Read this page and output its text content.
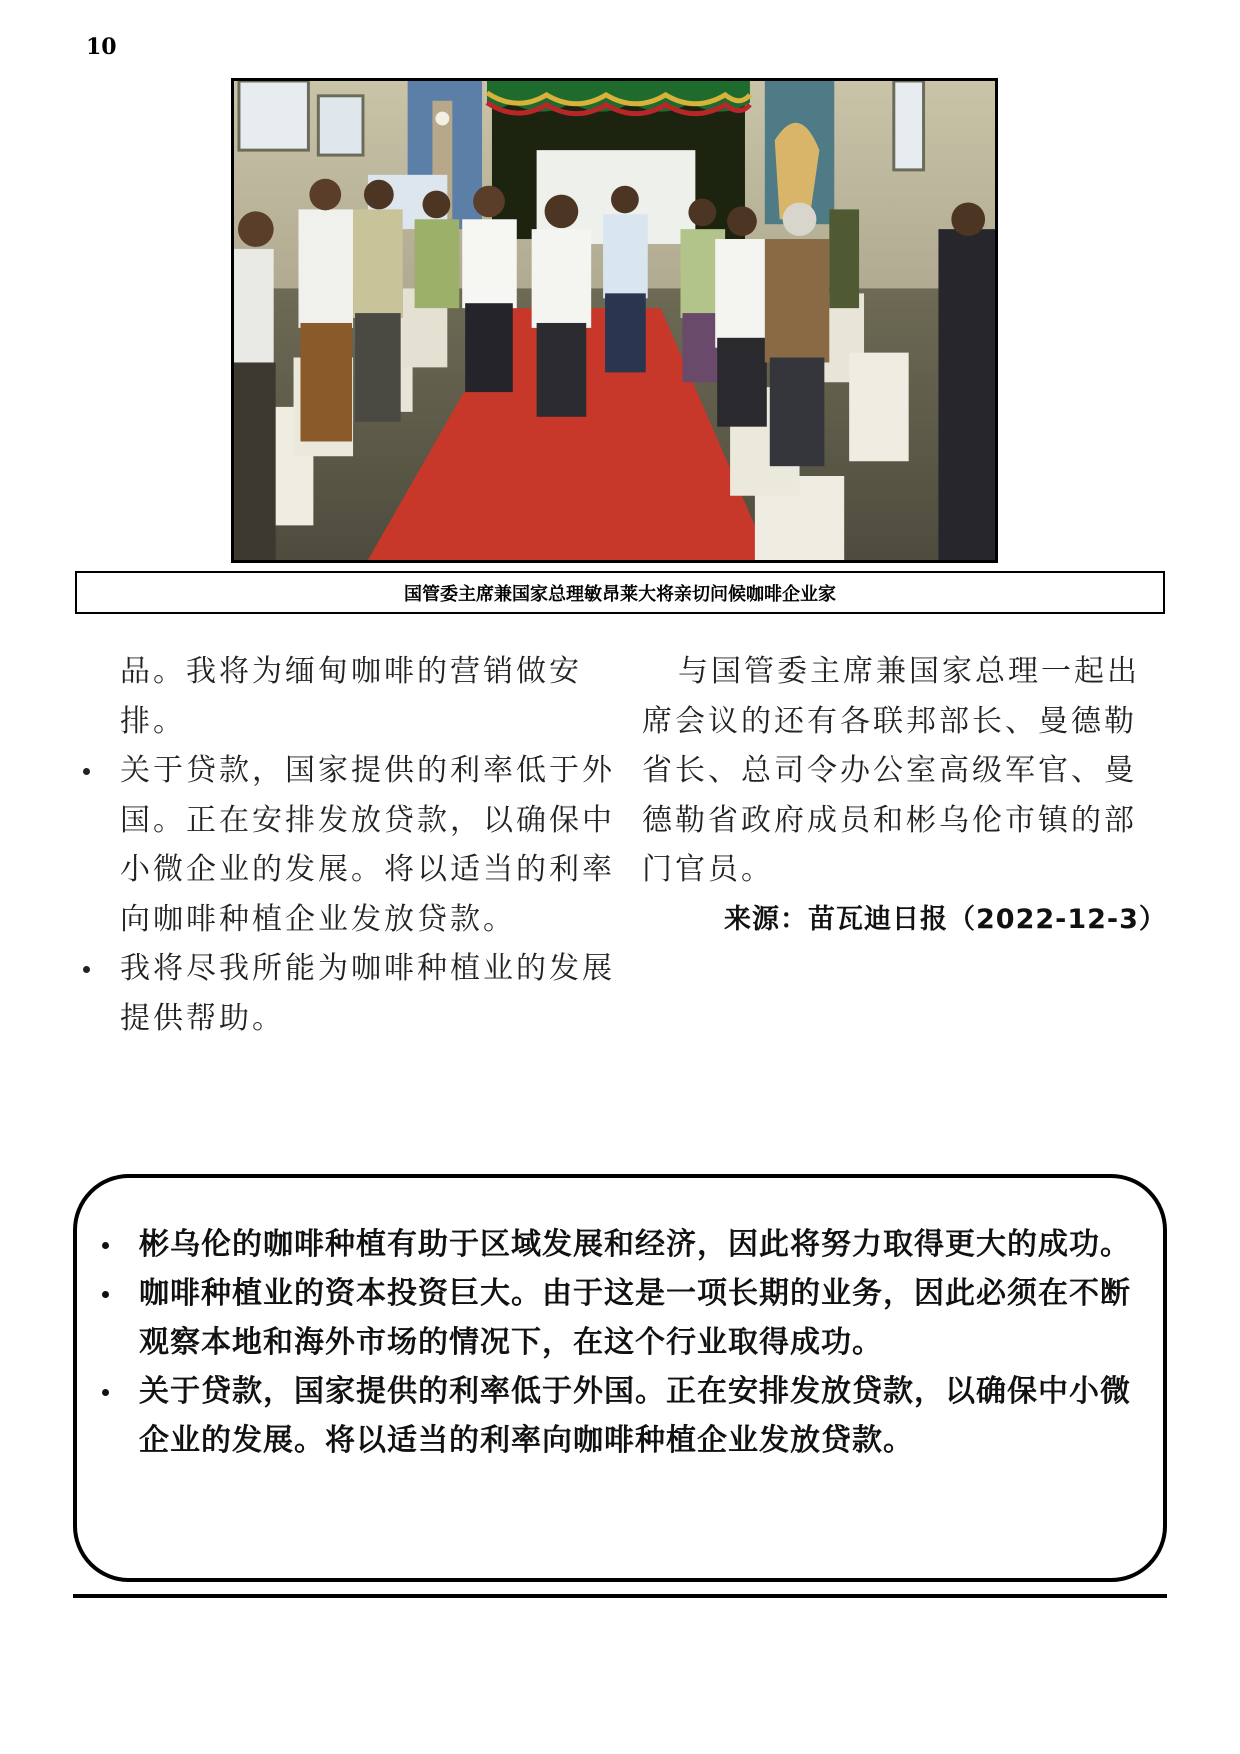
10
国管委主席兼国家总理敏昂莱大将亲切问候咖啡企业家

品。我将为缅甸咖啡的营销做安排。

关于贷款，国家提供的利率低于外国。正在安排发放贷款，以确保中小微企业的发展。将以适当的利率向咖啡种植企业发放贷款。

我将尽我所能为咖啡种植业的发展提供帮助。

与国管委主席兼国家总理一起出席会议的还有各联邦部长、曼德勒省长、总司令办公室高级军官、曼德勒省政府成员和彬乌伦市镇的部门官员。

来源：苗瓦迪日报（2022-12-3）

彬乌伦的咖啡种植有助于区域发展和经济，因此将努力取得更大的成功。
咖啡种植业的资本投资巨大。由于这是一项长期的业务，因此必须在不断观察本地和海外市场的情况下，在这个行业取得成功。
关于贷款，国家提供的利率低于外国。正在安排发放贷款，以确保中小微企业的发展。将以适当的利率向咖啡种植企业发放贷款。
